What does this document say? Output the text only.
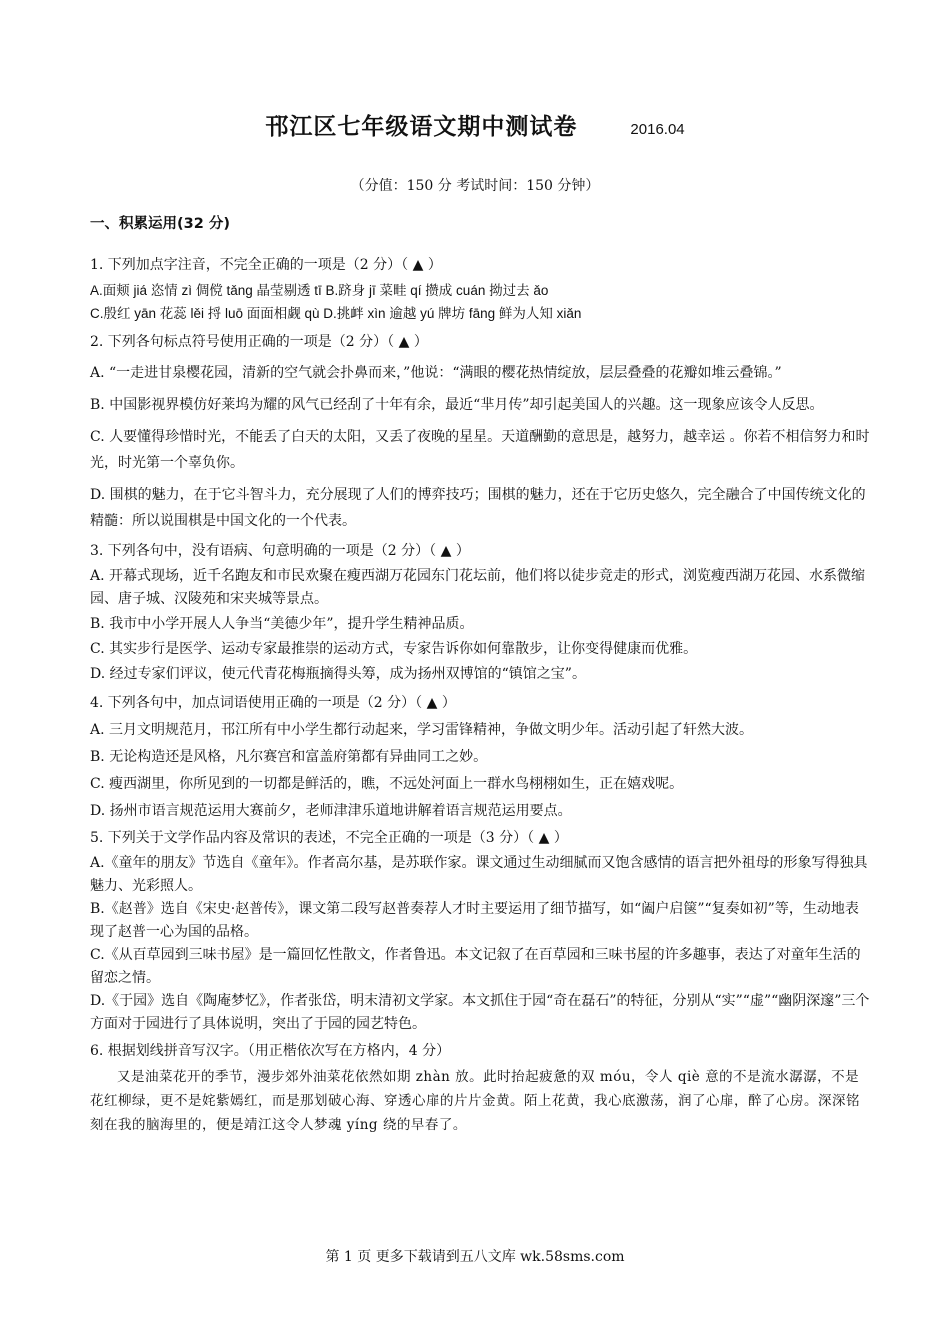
邗江区七年级语文期中测试卷	2016.04
（分值：150 分 考试时间：150 分钟）
一、积累运用(32 分)

1. 下列加点字注音，不完全正确的一项是（2 分）（ ▲ ）

A.面颊 jiá 恣情 zì 倜傥 tǎng 晶莹剔透 tī B.跻身 jī 菜畦 qí 攒成 cuán 拗过去 ǎo

C.殷红 yān 花蕊 lěi 捋 luō 面面相觑 qù D.挑衅 xìn 逾越 yú 牌坊 fāng 鲜为人知 xiǎn

2. 下列各句标点符号使用正确的一项是（2 分）（ ▲ ）

A. “一走进甘泉樱花园，清新的空气就会扑鼻而来，”他说：“满眼的樱花热情绽放，层层叠叠的花瓣如堆云叠锦。”

B. 中国影视界模仿好莱坞为耀的风气已经刮了十年有余，最近“芈月传”却引起美国人的兴趣。这一现象应该令人反思。

C. 人要懂得珍惜时光，不能丢了白天的太阳，又丢了夜晚的星星。天道酬勤的意思是，越努力，越幸运 。你若不相信努力和时光，时光第一个辜负你。

D. 围棋的魅力，在于它斗智斗力，充分展现了人们的博弈技巧；围棋的魅力，还在于它历史悠久，完全融合了中国传统文化的精髓：所以说围棋是中国文化的一个代表。

3. 下列各句中，没有语病、句意明确的一项是（2 分）（ ▲ ）

A. 开幕式现场，近千名跑友和市民欢聚在瘦西湖万花园东门花坛前，他们将以徒步竞走的形式，浏览瘦西湖万花园、水系微缩园、唐子城、汉陵苑和宋夹城等景点。

B. 我市中小学开展人人争当“美德少年”，提升学生精神品质。

C. 其实步行是医学、运动专家最推崇的运动方式，专家告诉你如何靠散步，让你变得健康而优雅。

D. 经过专家们评议，使元代青花梅瓶摘得头筹，成为扬州双博馆的“镇馆之宝”。

4. 下列各句中，加点词语使用正确的一项是（2 分）（ ▲ ）

A. 三月文明规范月，邗江所有中小学生都行动起来，学习雷锋精神，争做文明少年。活动引起了轩然大波。

B. 无论构造还是风格，凡尔赛宫和富盖府第都有异曲同工之妙。

C. 瘦西湖里，你所见到的一切都是鲜活的，瞧，不远处河面上一群水鸟栩栩如生，正在嬉戏呢。

D. 扬州市语言规范运用大赛前夕，老师津津乐道地讲解着语言规范运用要点。

5. 下列关于文学作品内容及常识的表述，不完全正确的一项是（3 分）（ ▲ ）

A.《童年的朋友》节选自《童年》。作者高尔基，是苏联作家。课文通过生动细腻而又饱含感情的语言把外祖母的形象写得独具魅力、光彩照人。

B.《赵普》选自《宋史·赵普传》，课文第二段写赵普奏荐人才时主要运用了细节描写，如“阖户启箧”“复奏如初”等，生动地表现了赵普一心为国的品格。

C.《从百草园到三味书屋》是一篇回忆性散文，作者鲁迅。本文记叙了在百草园和三味书屋的许多趣事，表达了对童年生活的留恋之情。

D.《于园》选自《陶庵梦忆》，作者张岱，明末清初文学家。本文抓住于园“奇在磊石”的特征，分别从“实”“虚”“幽阴深邃”三个方面对于园进行了具体说明，突出了于园的园艺特色。

6. 根据划线拼音写汉字。（用正楷依次写在方格内，4 分）

又是油菜花开的季节，漫步郊外油菜花依然如期 zhàn 放。此时抬起疲惫的双 móu，令人 qiè 意的不是流水潺潺，不是花红柳绿，更不是姹紫嫣红，而是那划破心海、穿透心扉的片片金黄。陌上花黄，我心底激荡，润了心扉，醉了心房。深深铭刻在我的脑海里的，便是靖江这令人梦魂 yíng 绕的早春了。

第 1 页 更多下载请到五八文库 wk.58sms.com
